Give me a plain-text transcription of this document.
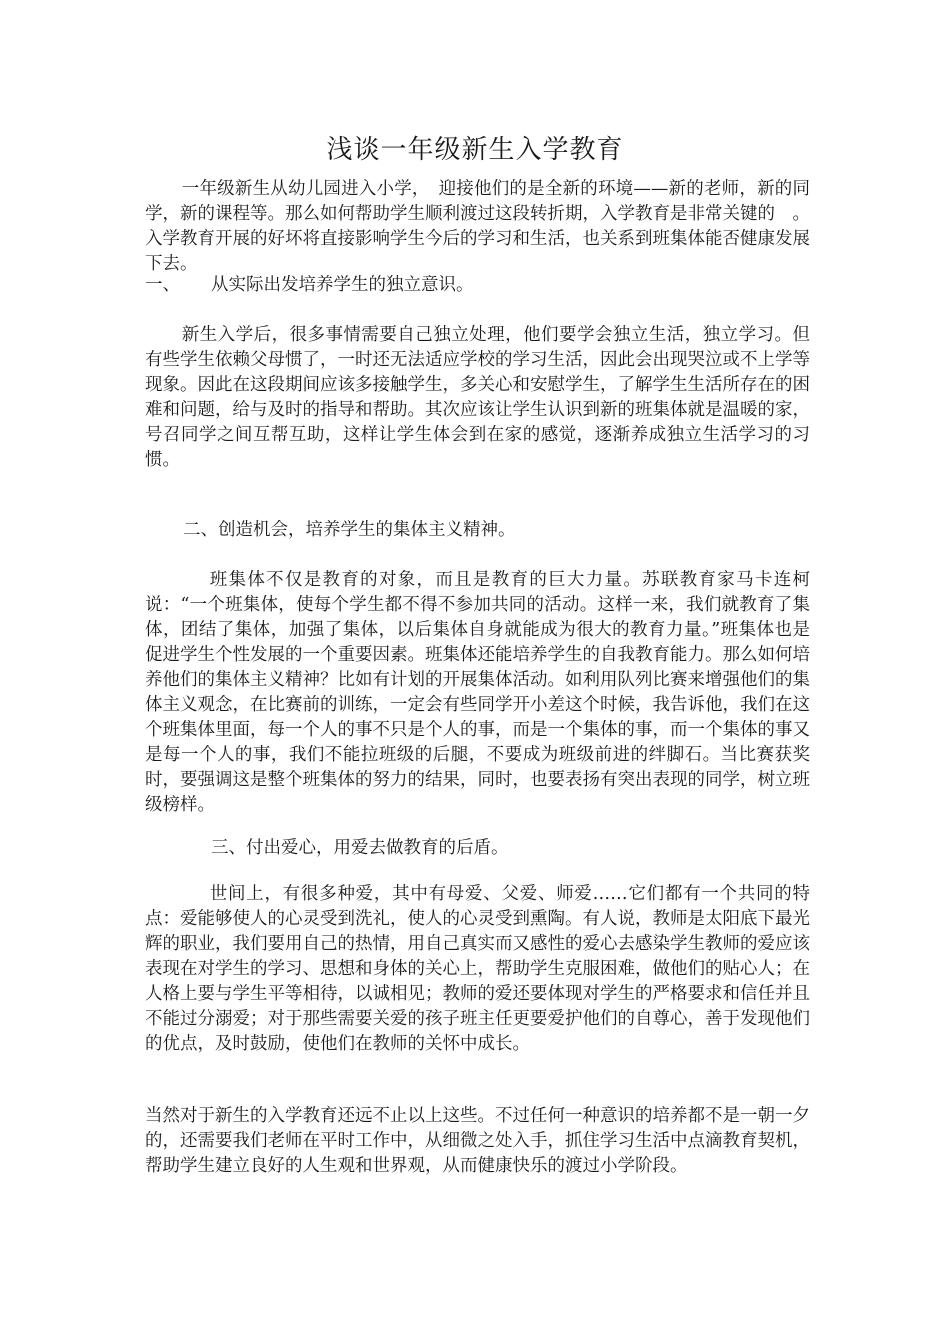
浅谈一年级新生入学教育

一年级新生从幼儿园进入小学，　迎接他们的是全新的环境——新的老师，新的同学，新的课程等。那么如何帮助学生顺利渡过这段转折期，入学教育是非常关键的　。入学教育开展的好坏将直接影响学生今后的学习和生活，也关系到班集体能否健康发展下去。

一、 从实际出发培养学生的独立意识。

新生入学后，很多事情需要自己独立处理，他们要学会独立生活，独立学习。但有些学生依赖父母惯了，一时还无法适应学校的学习生活，因此会出现哭泣或不上学等现象。因此在这段期间应该多接触学生，多关心和安慰学生，了解学生生活所存在的困难和问题，给与及时的指导和帮助。其次应该让学生认识到新的班集体就是温暖的家，号召同学之间互帮互助，这样让学生体会到在家的感觉，逐渐养成独立生活学习的习惯。

二、创造机会，培养学生的集体主义精神。

班集体不仅是教育的对象，而且是教育的巨大力量。苏联教育家马卡连柯说：“一个班集体，使每个学生都不得不参加共同的活动。这样一来，我们就教育了集体，团结了集体，加强了集体，以后集体自身就能成为很大的教育力量。”班集体也是促进学生个性发展的一个重要因素。班集体还能培养学生的自我教育能力。那么如何培养他们的集体主义精神？比如有计划的开展集体活动。如利用队列比赛来增强他们的集体主义观念，在比赛前的训练，一定会有些同学开小差这个时候，我告诉他，我们在这个班集体里面，每一个人的事不只是个人的事，而是一个集体的事，而一个集体的事又是每一个人的事，我们不能拉班级的后腿，不要成为班级前进的绊脚石。当比赛获奖时，要强调这是整个班集体的努力的结果，同时，也要表扬有突出表现的同学，树立班级榜样。

三、付出爱心，用爱去做教育的后盾。

世间上，有很多种爱，其中有母爱、父爱、师爱……它们都有一个共同的特点：爱能够使人的心灵受到洗礼，使人的心灵受到熏陶。有人说，教师是太阳底下最光辉的职业，我们要用自己的热情，用自己真实而又感性的爱心去感染学生教师的爱应该表现在对学生的学习、思想和身体的关心上，帮助学生克服困难，做他们的贴心人；在人格上要与学生平等相待，以诚相见；教师的爱还要体现对学生的严格要求和信任并且不能过分溺爱；对于那些需要关爱的孩子班主任更要爱护他们的自尊心，善于发现他们的优点，及时鼓励，使他们在教师的关怀中成长。

当然对于新生的入学教育还远不止以上这些。不过任何一种意识的培养都不是一朝一夕的，还需要我们老师在平时工作中，从细微之处入手，抓住学习生活中点滴教育契机，帮助学生建立良好的人生观和世界观，从而健康快乐的渡过小学阶段。
